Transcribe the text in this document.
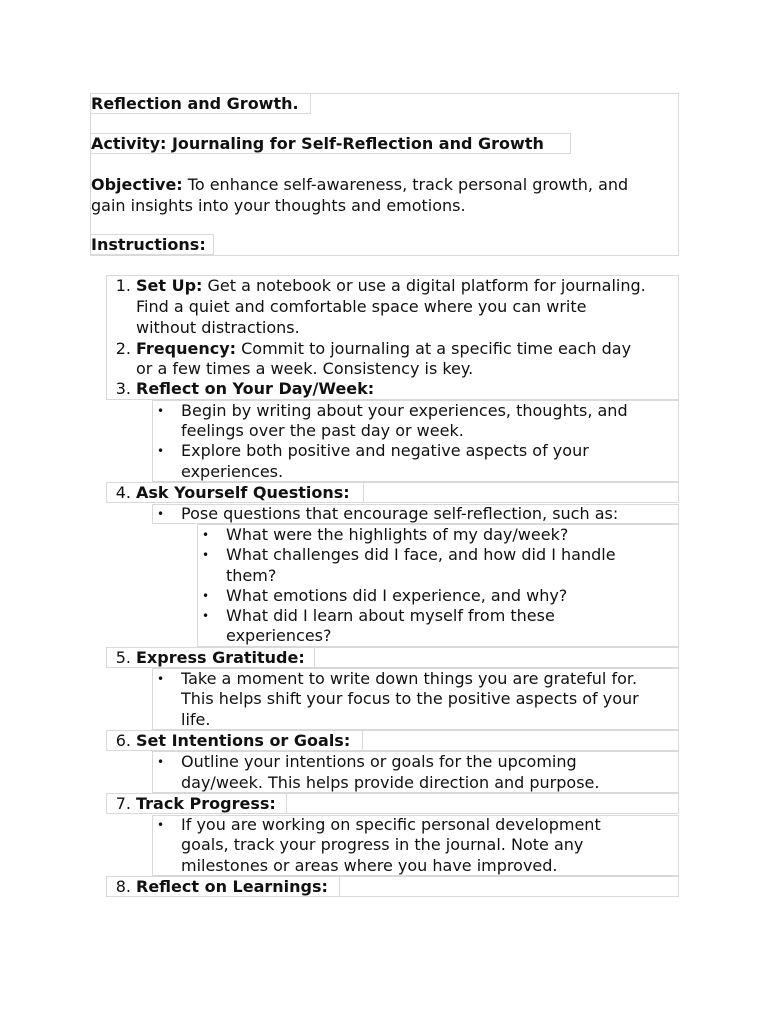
Reflection and Growth.
Activity: Journaling for Self-Reflection and Growth
Objective: To enhance self-awareness, track personal growth, and
gain insights into your thoughts and emotions.
Instructions:
1. Set Up: Get a notebook or use a digital platform for journaling.
Find a quiet and comfortable space where you can write
without distractions.
2. Frequency: Commit to journaling at a specific time each day
or a few times a week. Consistency is key.
3. Reflect on Your Day/Week:
• Begin by writing about your experiences, thoughts, and
feelings over the past day or week.
• Explore both positive and negative aspects of your
experiences.
4. Ask Yourself Questions:
• Pose questions that encourage self-reflection, such as:
• What were the highlights of my day/week?
• What challenges did I face, and how did I handle
them?
• What emotions did I experience, and why?
• What did I learn about myself from these
experiences?
5. Express Gratitude:
• Take a moment to write down things you are grateful for.
This helps shift your focus to the positive aspects of your
life.
6. Set Intentions or Goals:
• Outline your intentions or goals for the upcoming
day/week. This helps provide direction and purpose.
7. Track Progress:
• If you are working on specific personal development
goals, track your progress in the journal. Note any
milestones or areas where you have improved.
8. Reflect on Learnings:
